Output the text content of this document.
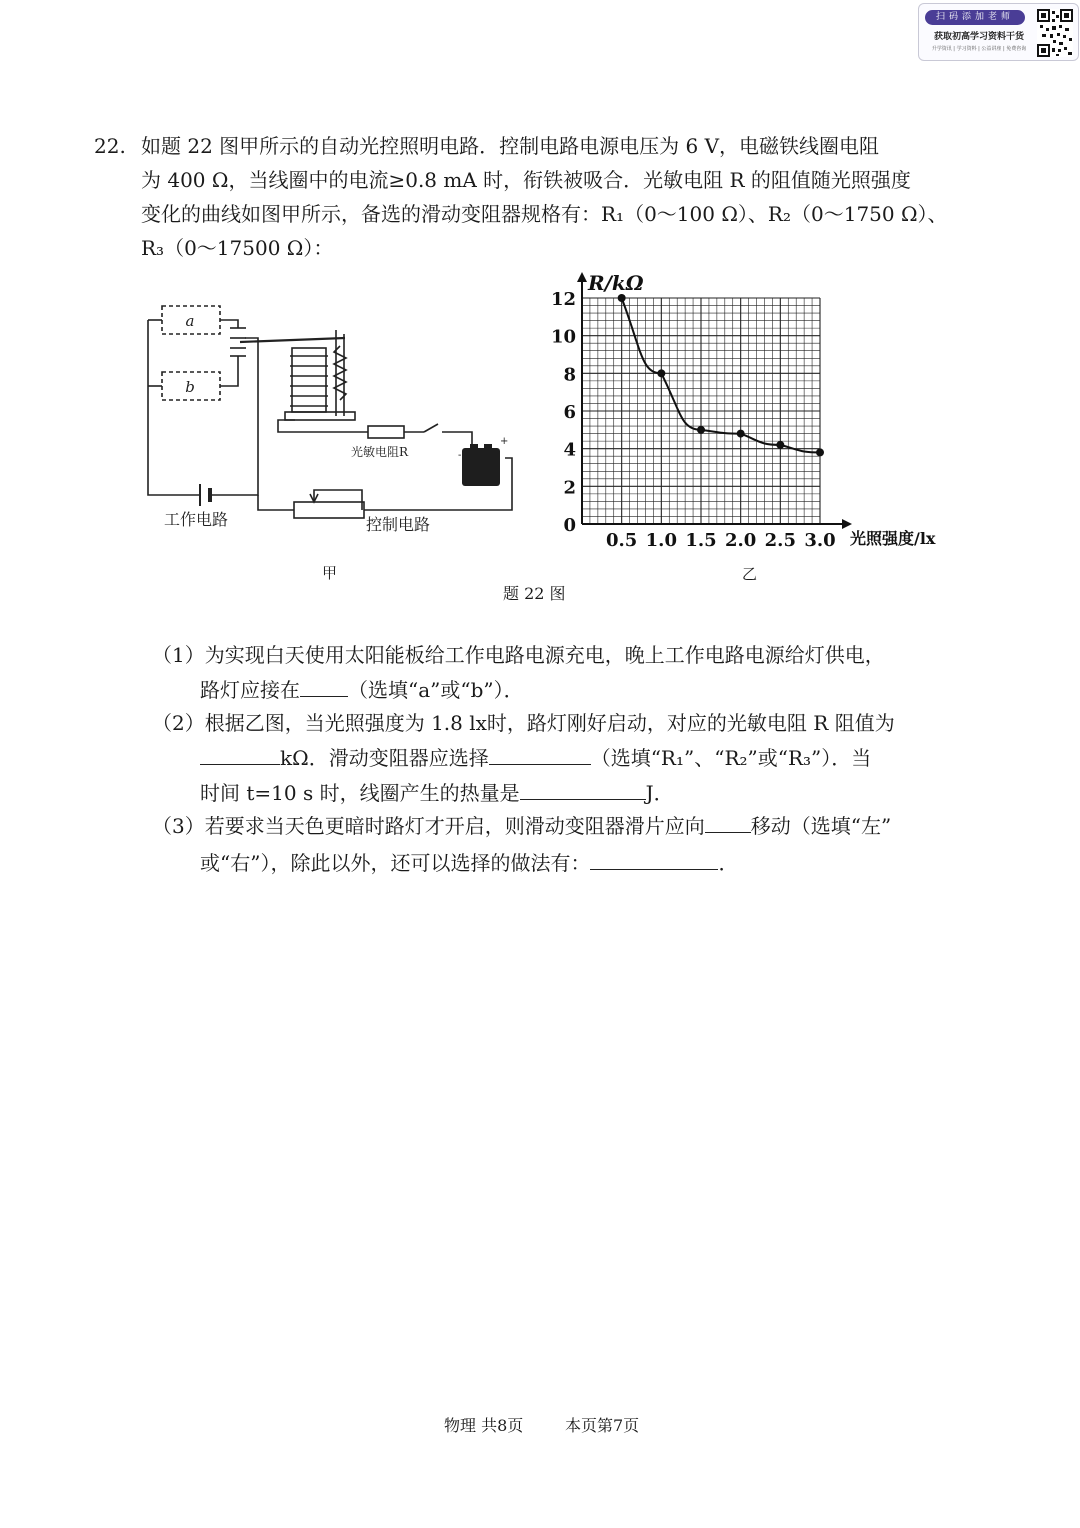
扫码添加老师
获取初高学习资料干货
升学资讯 | 学习资料 | 公益讲座 | 免费咨询
22. 如题 22 图甲所示的自动光控照明电路．控制电路电源电压为 6 V，电磁铁线圈电阻
为 400 Ω，当线圈中的电流≥0.8 mA 时，衔铁被吸合．光敏电阻 R 的阻值随光照强度
变化的曲线如图甲所示，备选的滑动变阻器规格有：R₁（0～100 Ω）、R₂（0～1750 Ω）、
R₃（0～17500 Ω）：
+
-
a
b
光敏电阻R
工作电路	控制电路
0.5 1.0 1.5 2.0 2.5 3.0
12
10
8
6
4
2
0
R/kΩ
光照强度/lx
甲	乙
题 22 图
（1）为实现白天使用太阳能板给工作电路电源充电，晚上工作电路电源给灯供电，
路灯应接在 （选填“a”或“b”）．
（2）根据乙图，当光照强度为 1.8 lx时，路灯刚好启动，对应的光敏电阻 R 阻值为
kΩ．滑动变阻器应选择	（选填“R₁”、“R₂”或“R₃”）．当
时间 t=10 s 时，线圈产生的热量是	J．
（3）若要求当天色更暗时路灯才开启，则滑动变阻器滑片应向 移动（选填“左”
或“右”），除此以外，还可以选择的做法有：	．
物理 共8页	本页第7页
